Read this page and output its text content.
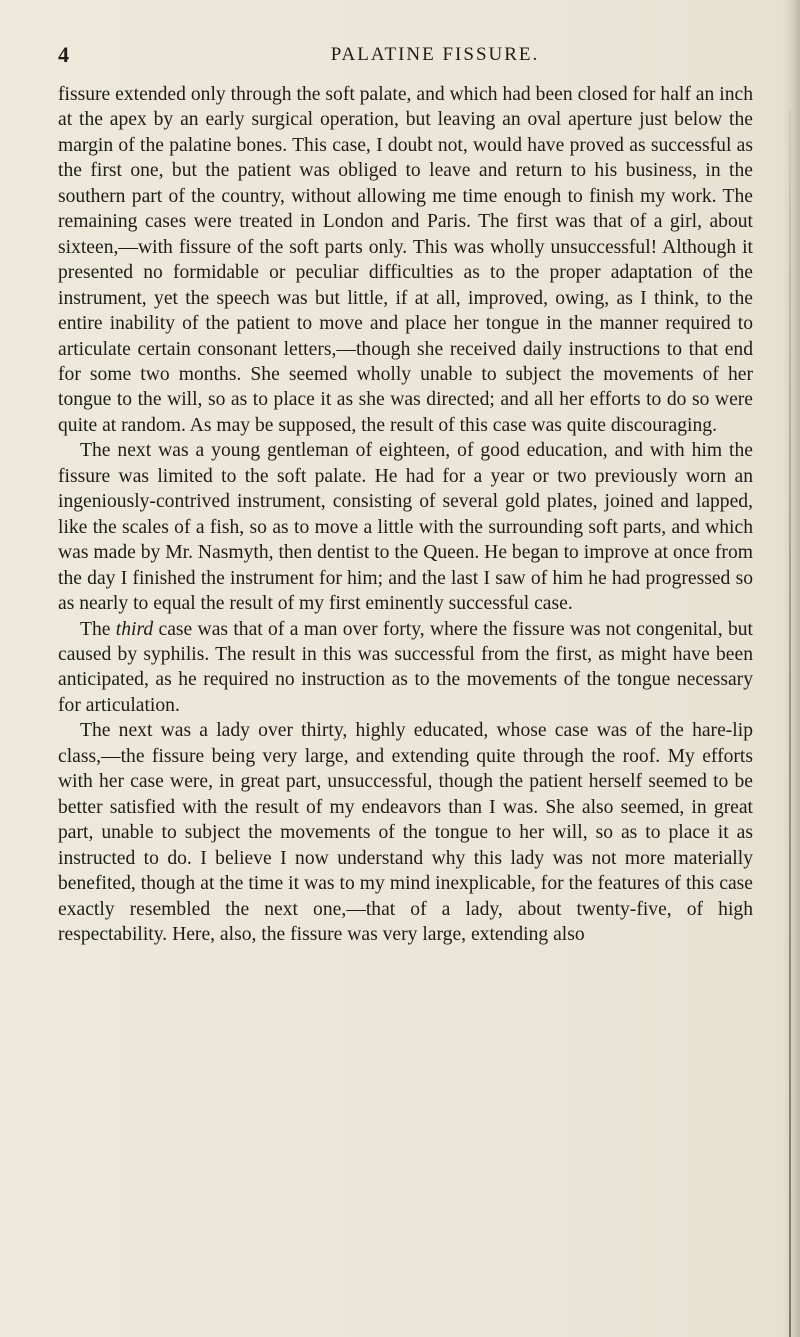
4	PALATINE FISSURE.

fissure extended only through the soft palate, and which had been closed for half an inch at the apex by an early surgical operation, but leaving an oval aperture just below the margin of the palatine bones. This case, I doubt not, would have proved as successful as the first one, but the patient was obliged to leave and return to his business, in the southern part of the country, without allowing me time enough to finish my work. The remaining cases were treated in London and Paris. The first was that of a girl, about sixteen,—with fissure of the soft parts only. This was wholly unsuccessful! Although it presented no formidable or peculiar difficulties as to the proper adaptation of the instrument, yet the speech was but little, if at all, improved, owing, as I think, to the entire inability of the patient to move and place her tongue in the manner required to articulate certain consonant letters,—though she received daily instructions to that end for some two months. She seemed wholly unable to subject the movements of her tongue to the will, so as to place it as she was directed; and all her efforts to do so were quite at random. As may be supposed, the result of this case was quite discouraging.

The next was a young gentleman of eighteen, of good education, and with him the fissure was limited to the soft palate. He had for a year or two previously worn an ingeniously-contrived instrument, consisting of several gold plates, joined and lapped, like the scales of a fish, so as to move a little with the surrounding soft parts, and which was made by Mr. Nasmyth, then dentist to the Queen. He began to improve at once from the day I finished the instrument for him; and the last I saw of him he had progressed so as nearly to equal the result of my first eminently successful case.

The third case was that of a man over forty, where the fissure was not congenital, but caused by syphilis. The result in this was successful from the first, as might have been anticipated, as he required no instruction as to the movements of the tongue necessary for articulation.

The next was a lady over thirty, highly educated, whose case was of the hare-lip class,—the fissure being very large, and extending quite through the roof. My efforts with her case were, in great part, unsuccessful, though the patient herself seemed to be better satisfied with the result of my endeavors than I was. She also seemed, in great part, unable to subject the movements of the tongue to her will, so as to place it as instructed to do. I believe I now understand why this lady was not more materially benefited, though at the time it was to my mind inexplicable, for the features of this case exactly resembled the next one,—that of a lady, about twenty-five, of high respectability. Here, also, the fissure was very large, extending also
